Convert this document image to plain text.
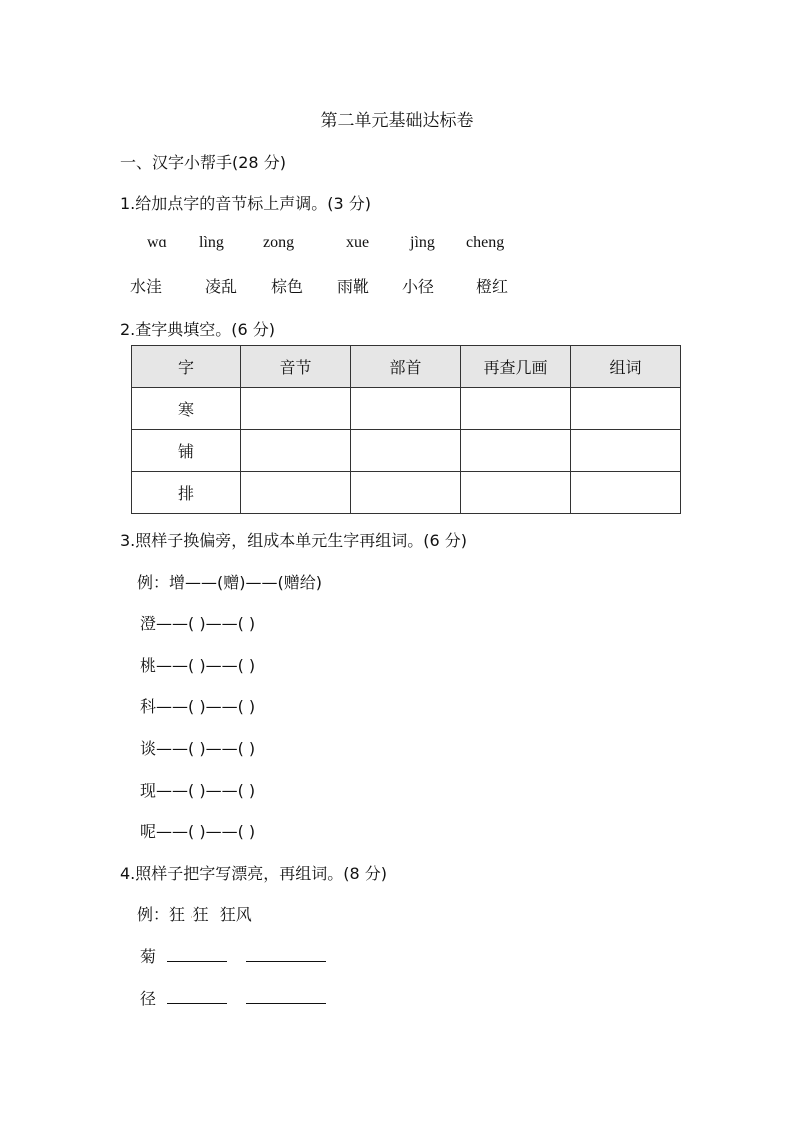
第二单元基础达标卷
一、汉字小帮手(28 分)
1.给加点字的音节标上声调。(3 分)
wɑ lìng zong	xue	jìng cheng
水洼	凌乱 棕色 雨靴 小径	橙红
2.查字典填空。(6 分)
字	音节	部首	再查几画	组词
寒				
铺				
排				
3.照样子换偏旁，组成本单元生字再组词。(6 分)
例：增——(赠)——(赠给)
澄——( )——( )
桃——( )——( )
科——( )——( )
谈——( )——( )
现——( )——( )
呢——( )——( )
4.照样子把字写漂亮，再组词。(8 分)
例：狂 ·狂 狂风
菊
径
